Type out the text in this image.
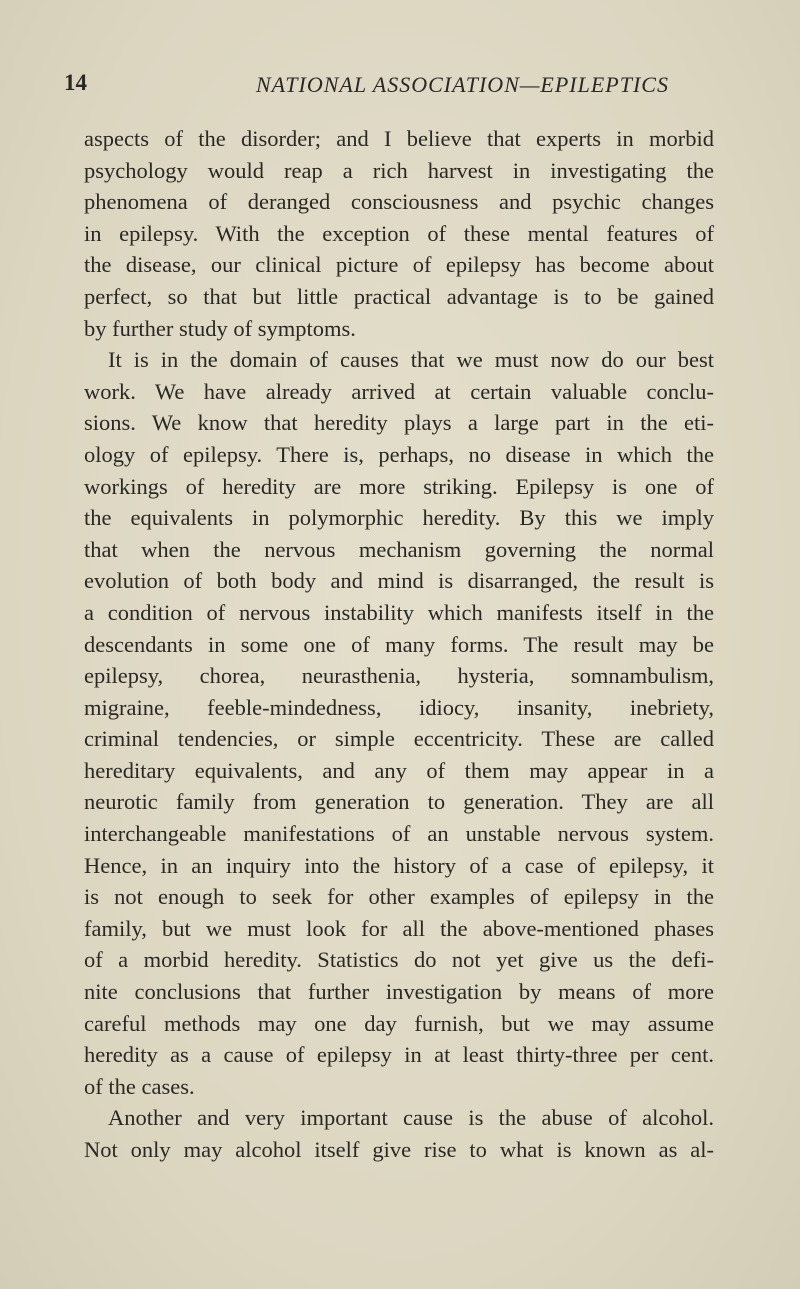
14	NATIONAL ASSOCIATION—EPILEPTICS
aspects of the disorder; and I believe that experts in morbid
psychology would reap a rich harvest in investigating the
phenomena of deranged consciousness and psychic changes
in epilepsy. With the exception of these mental features of
the disease, our clinical picture of epilepsy has become about
perfect, so that but little practical advantage is to be gained
by further study of symptoms.
It is in the domain of causes that we must now do our best
work. We have already arrived at certain valuable conclu-
sions. We know that heredity plays a large part in the eti-
ology of epilepsy. There is, perhaps, no disease in which the
workings of heredity are more striking. Epilepsy is one of
the equivalents in polymorphic heredity. By this we imply
that when the nervous mechanism governing the normal
evolution of both body and mind is disarranged, the result is
a condition of nervous instability which manifests itself in the
descendants in some one of many forms. The result may be
epilepsy, chorea, neurasthenia, hysteria, somnambulism,
migraine, feeble-mindedness, idiocy, insanity, inebriety,
criminal tendencies, or simple eccentricity. These are called
hereditary equivalents, and any of them may appear in a
neurotic family from generation to generation. They are all
interchangeable manifestations of an unstable nervous system.
Hence, in an inquiry into the history of a case of epilepsy, it
is not enough to seek for other examples of epilepsy in the
family, but we must look for all the above-mentioned phases
of a morbid heredity. Statistics do not yet give us the defi-
nite conclusions that further investigation by means of more
careful methods may one day furnish, but we may assume
heredity as a cause of epilepsy in at least thirty-three per cent.
of the cases.
Another and very important cause is the abuse of alcohol.
Not only may alcohol itself give rise to what is known as al-
